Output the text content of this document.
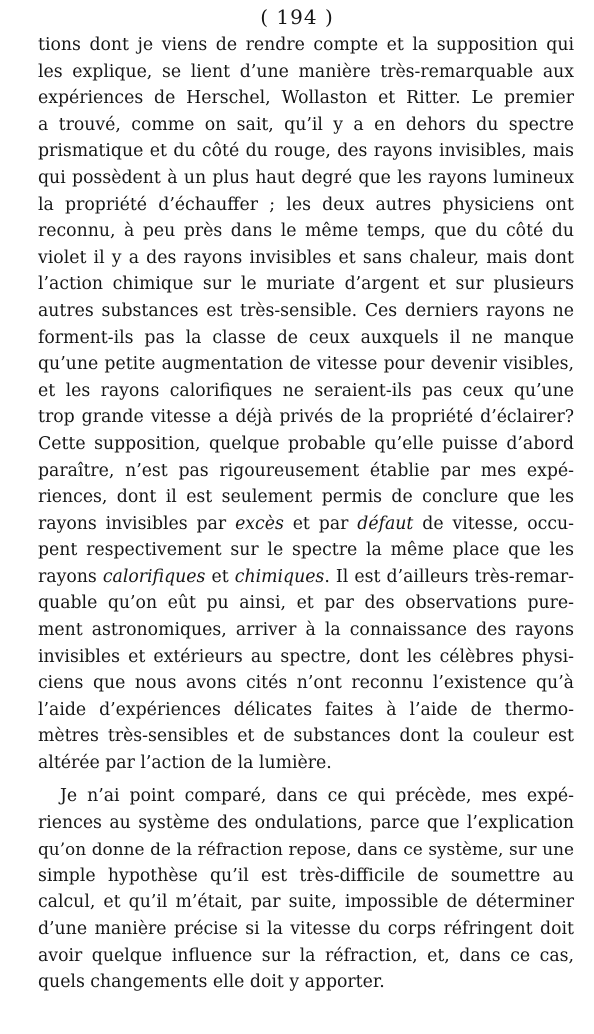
( 194 )
tions dont je viens de rendre compte et la supposition qui
les explique, se lient d’une manière très-remarquable aux
expériences de Herschel, Wollaston et Ritter. Le premier
a trouvé, comme on sait, qu’il y a en dehors du spectre
prismatique et du côté du rouge, des rayons invisibles, mais
qui possèdent à un plus haut degré que les rayons lumineux
la propriété d’échauffer ; les deux autres physiciens ont
reconnu, à peu près dans le même temps, que du côté du
violet il y a des rayons invisibles et sans chaleur, mais dont
l’action chimique sur le muriate d’argent et sur plusieurs
autres substances est très-sensible. Ces derniers rayons ne
forment-ils pas la classe de ceux auxquels il ne manque
qu’une petite augmentation de vitesse pour devenir visibles,
et les rayons calorifiques ne seraient-ils pas ceux qu’une
trop grande vitesse a déjà privés de la propriété d’éclairer?
Cette supposition, quelque probable qu’elle puisse d’abord
paraître, n’est pas rigoureusement établie par mes expé-
riences, dont il est seulement permis de conclure que les
rayons invisibles par excès et par défaut de vitesse, occu-
pent respectivement sur le spectre la même place que les
rayons calorifiques et chimiques. Il est d’ailleurs très-remar-
quable qu’on eût pu ainsi, et par des observations pure-
ment astronomiques, arriver à la connaissance des rayons
invisibles et extérieurs au spectre, dont les célèbres physi-
ciens que nous avons cités n’ont reconnu l’existence qu’à
l’aide d’expériences délicates faites à l’aide de thermo-
mètres très-sensibles et de substances dont la couleur est
altérée par l’action de la lumière.
Je n’ai point comparé, dans ce qui précède, mes expé-
riences au système des ondulations, parce que l’explication
qu’on donne de la réfraction repose, dans ce système, sur une
simple hypothèse qu’il est très-difficile de soumettre au
calcul, et qu’il m’était, par suite, impossible de déterminer
d’une manière précise si la vitesse du corps réfringent doit
avoir quelque influence sur la réfraction, et, dans ce cas,
quels changements elle doit y apporter.
